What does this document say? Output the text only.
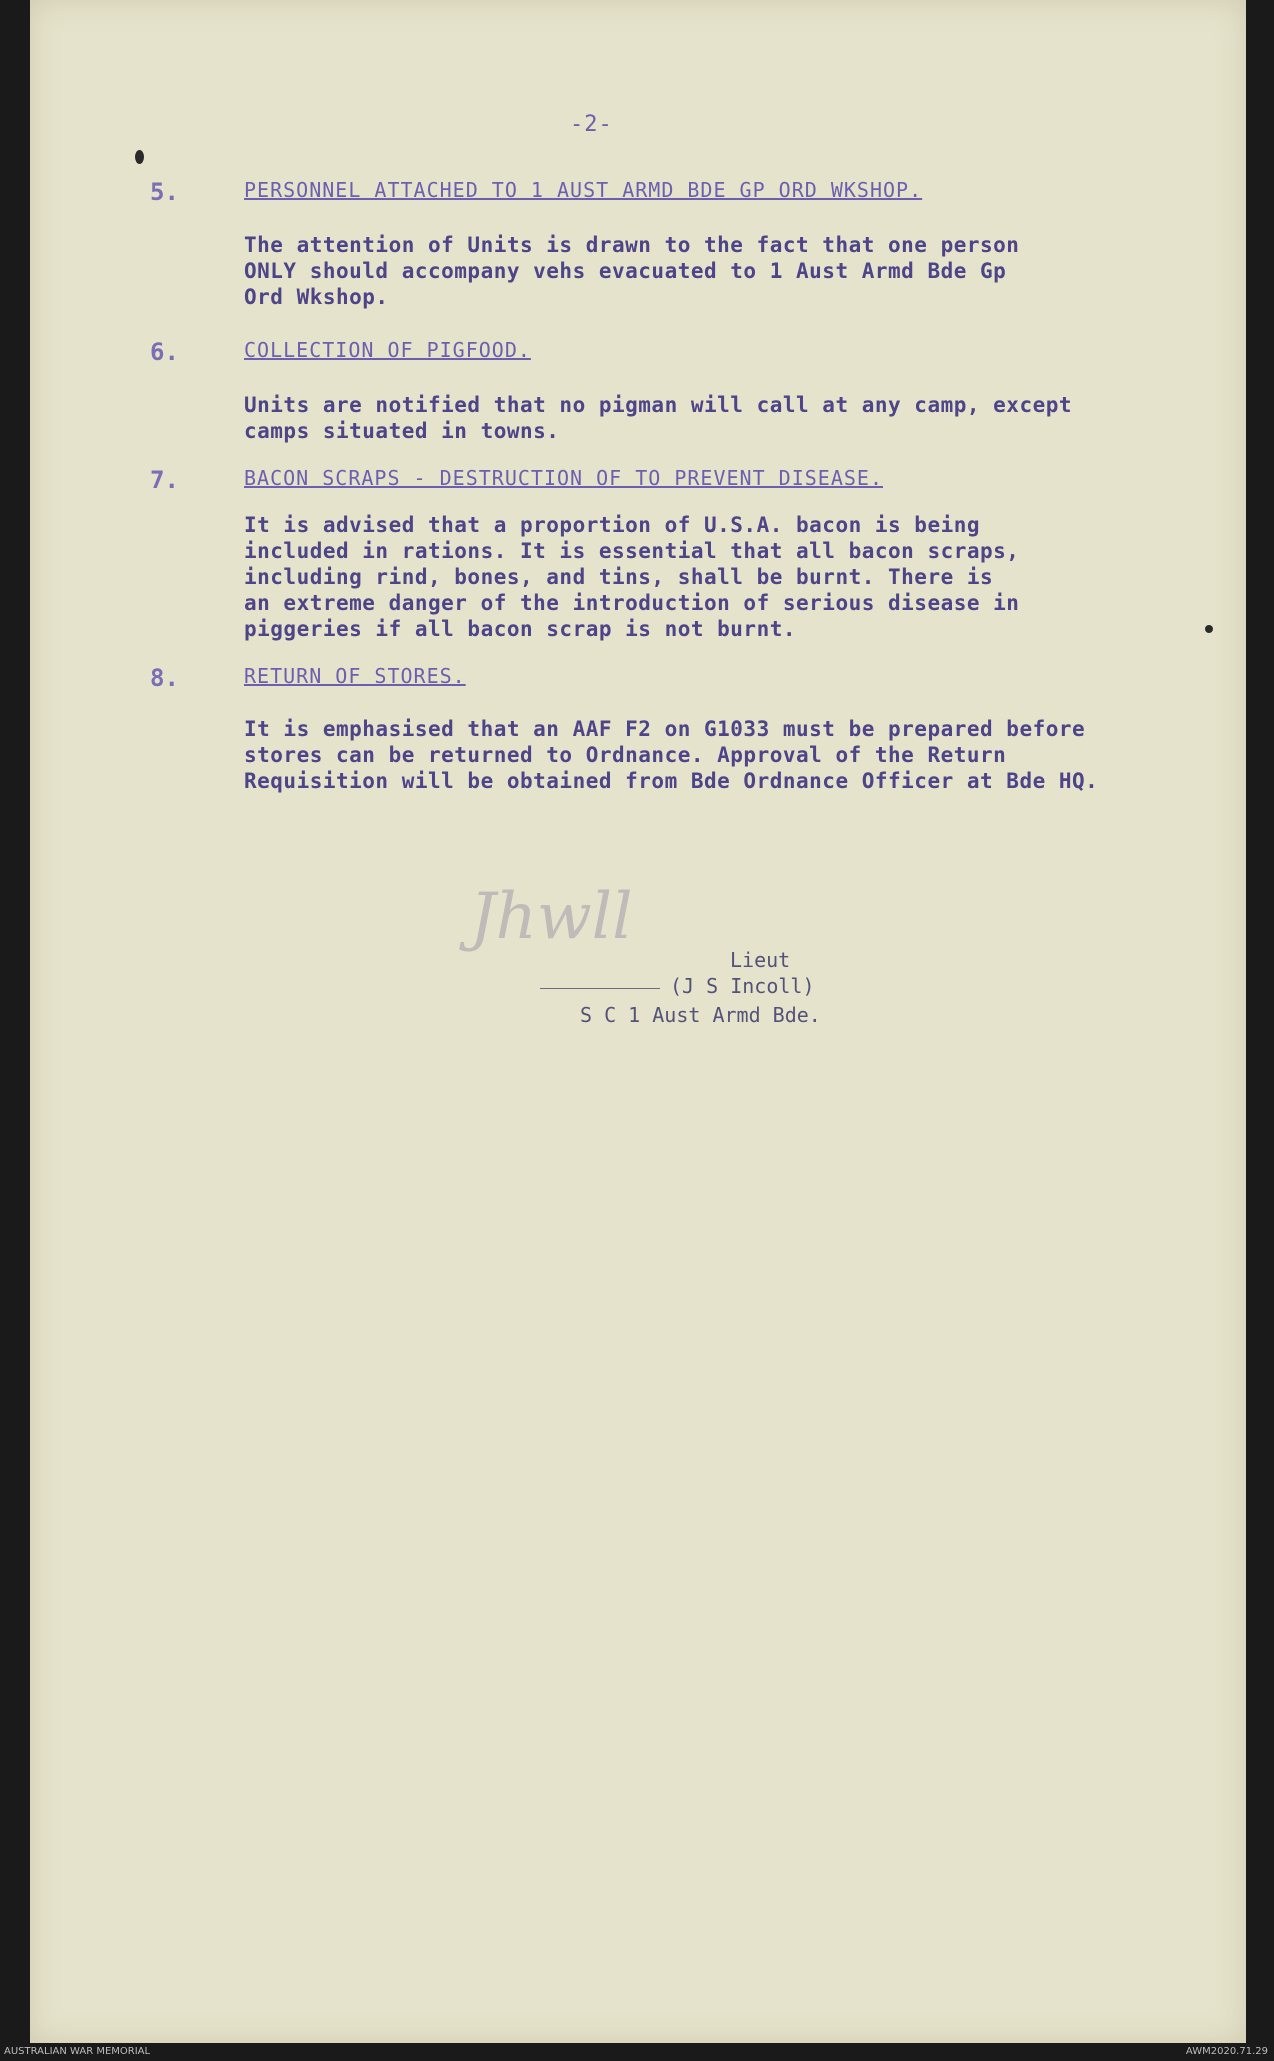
-2-
5.	PERSONNEL ATTACHED TO 1 AUST ARMD BDE GP ORD WKSHOP.
The attention of Units is drawn to the fact that one person
ONLY should accompany vehs evacuated to 1 Aust Armd Bde Gp
Ord Wkshop.
6.	COLLECTION OF PIGFOOD.
Units are notified that no pigman will call at any camp, except
camps situated in towns.
7.	BACON SCRAPS - DESTRUCTION OF TO PREVENT DISEASE.
It is advised that a proportion of U.S.A. bacon is being
included in rations. It is essential that all bacon scraps,
including rind, bones, and tins, shall be burnt. There is
an extreme danger of the introduction of serious disease in
piggeries if all bacon scrap is not burnt.
8.	RETURN OF STORES.
It is emphasised that an AAF F2 on G1033 must be prepared before
stores can be returned to Ordnance. Approval of the Return
Requisition will be obtained from Bde Ordnance Officer at Bde HQ.
Jhwll
Lieut
(J S Incoll)
S C 1 Aust Armd Bde.
AUSTRALIAN WAR MEMORIAL	AWM2020.71.29
